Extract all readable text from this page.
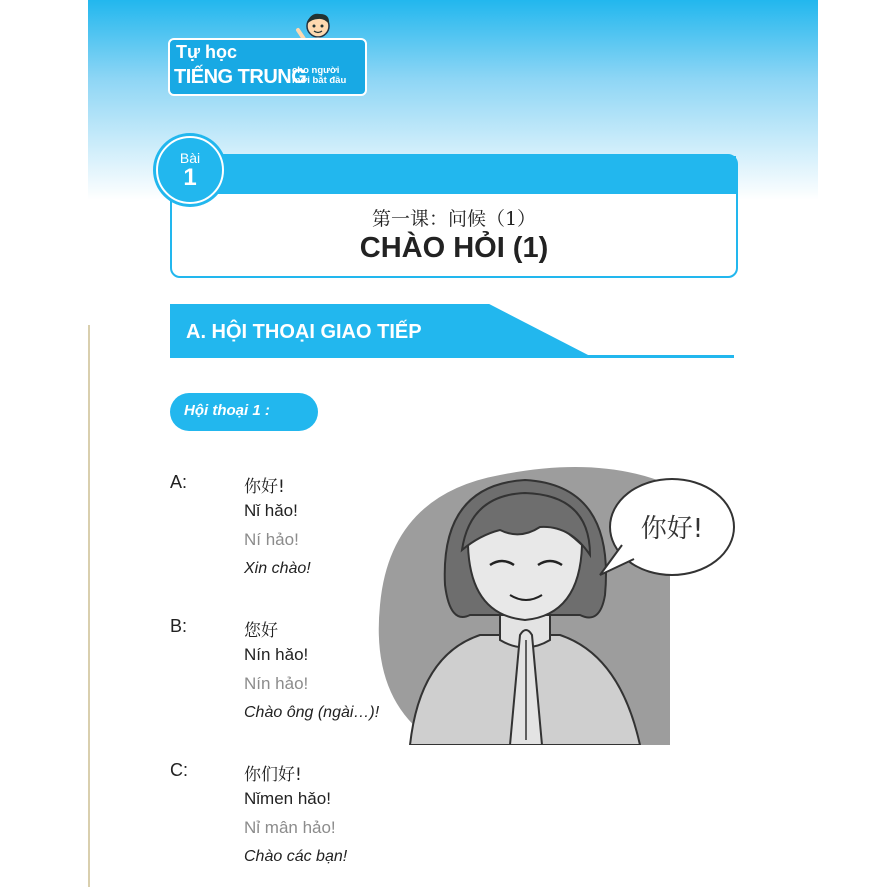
Tự học
TIẾNG TRUNG
cho người
mới bắt đầu
第一课：问候（1）
CHÀO HỎI (1)
Bài
1
A. HỘI THOẠI GIAO TIẾP
Hội thoại 1 :
你好!
A:	你好!
Nǐ hǎo!
Ní hảo!
Xin chào!
B:	您好
Nín hǎo!
Nín hảo!
Chào ông (ngài…)!
C:	你们好!
Nǐmen hǎo!
Nỉ mân hảo!
Chào các bạn!
